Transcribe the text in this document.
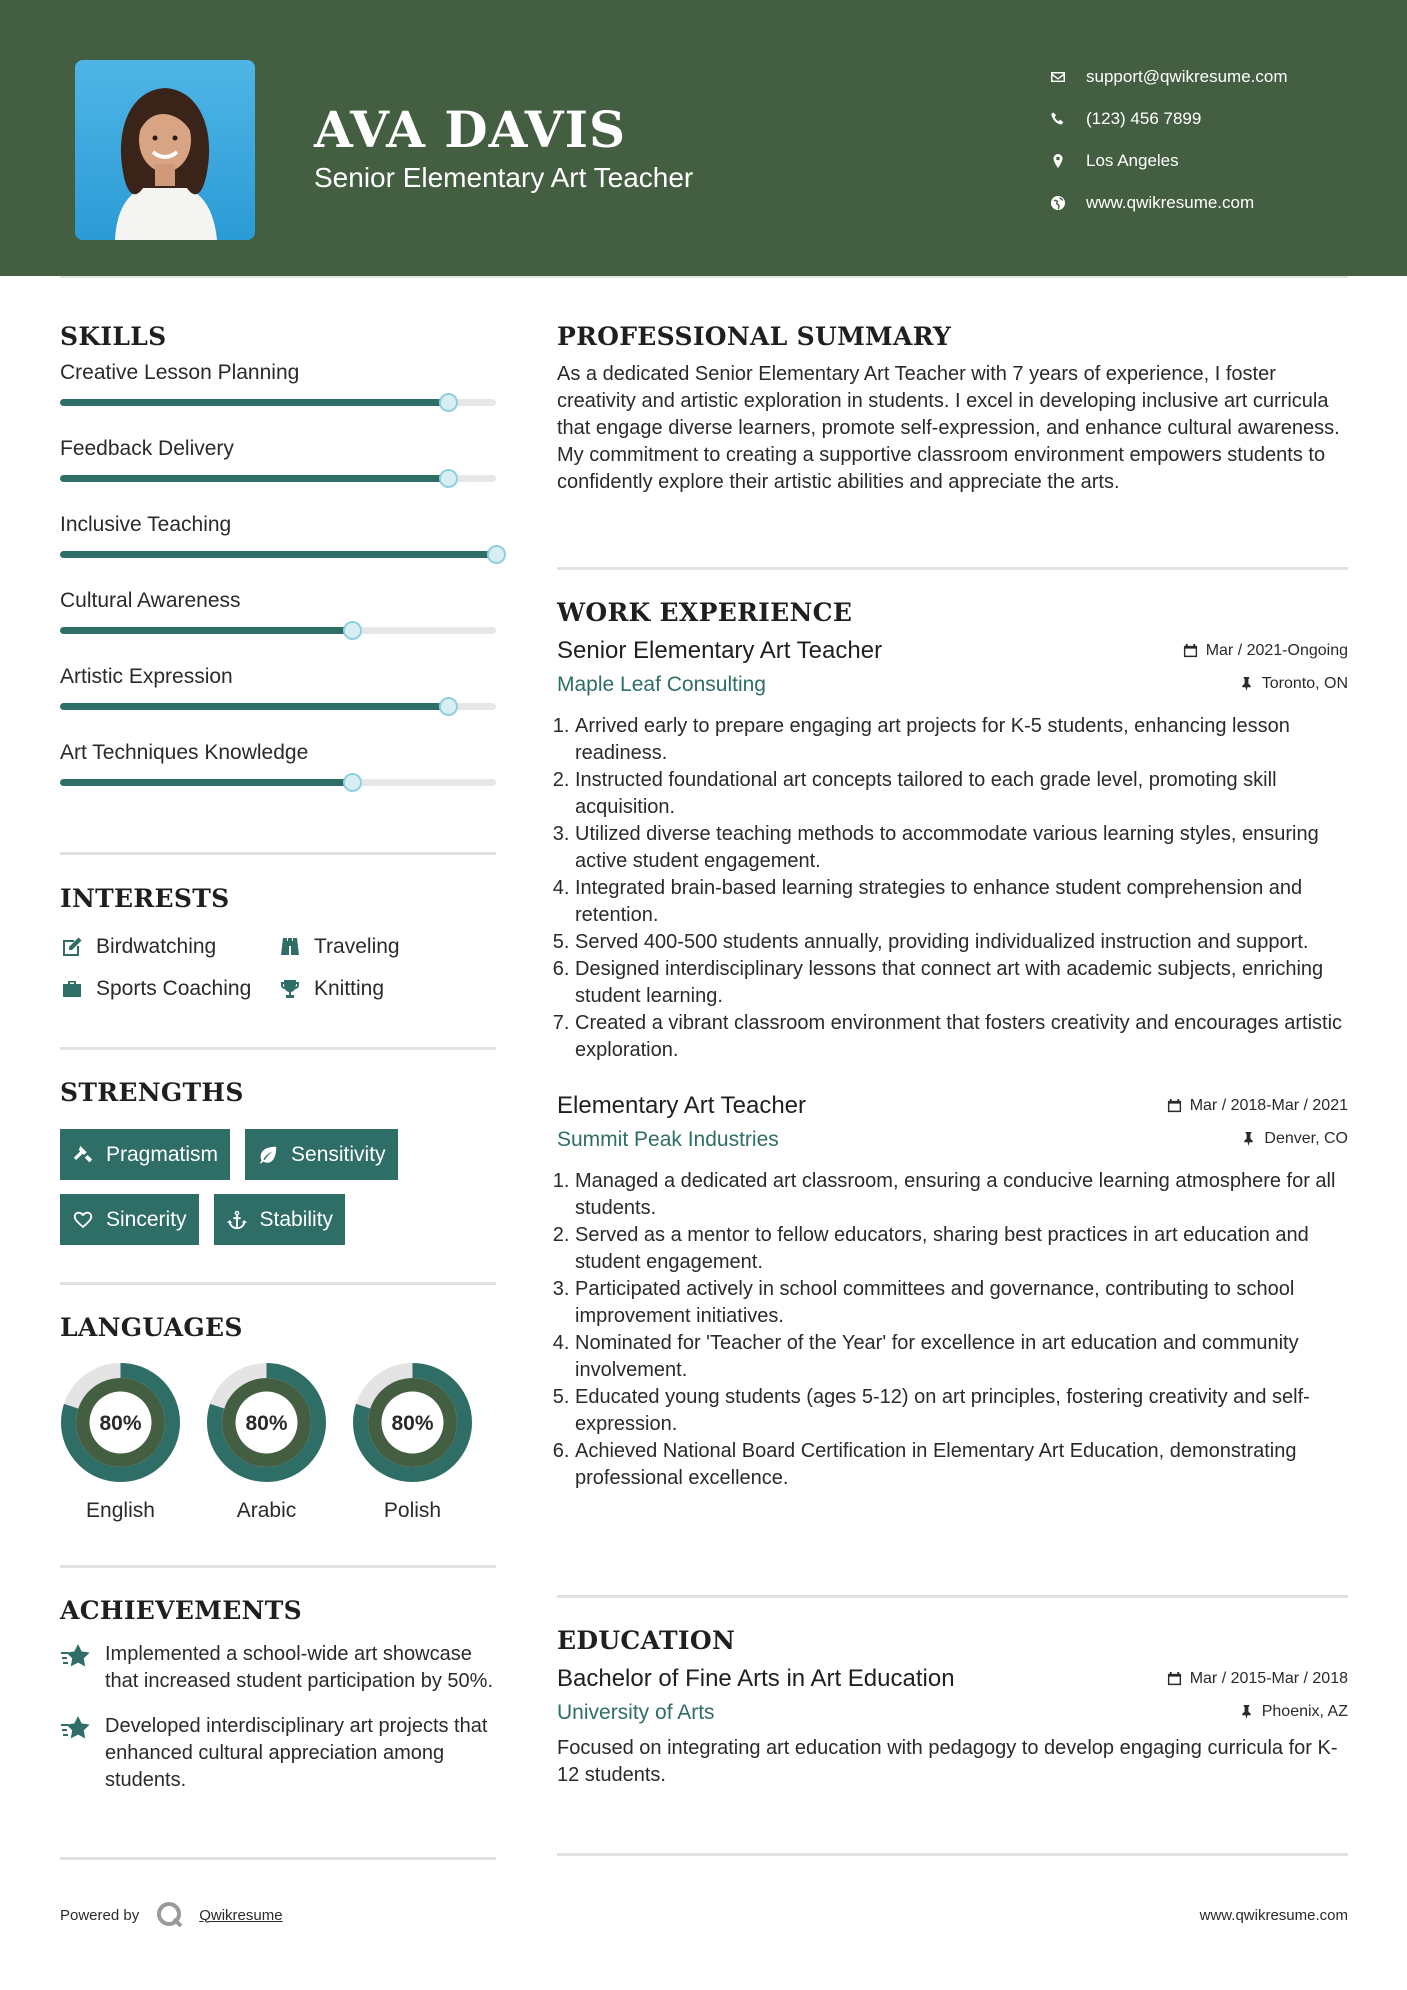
AVA DAVIS
Senior Elementary Art Teacher
support@qwikresume.com
(123) 456 7899
Los Angeles
www.qwikresume.com
SKILLS
Creative Lesson Planning
Feedback Delivery
Inclusive Teaching
Cultural Awareness
Artistic Expression
Art Techniques Knowledge
INTERESTS
Birdwatching	Traveling
Sports Coaching	Knitting
STRENGTHS
Pragmatism	Sensitivity
Sincerity	Stability
LANGUAGES
80%
English
80%
Arabic
80%
Polish
ACHIEVEMENTS
Implemented a school-wide art showcase that increased student participation by 50%.
Developed interdisciplinary art projects that enhanced cultural appreciation among students.
PROFESSIONAL SUMMARY
As a dedicated Senior Elementary Art Teacher with 7 years of experience, I foster creativity and artistic exploration in students. I excel in developing inclusive art curricula that engage diverse learners, promote self-expression, and enhance cultural awareness. My commitment to creating a supportive classroom environment empowers students to confidently explore their artistic abilities and appreciate the arts.
WORK EXPERIENCE
Senior Elementary Art Teacher	Mar / 2021-Ongoing
Maple Leaf Consulting	Toronto, ON
1. Arrived early to prepare engaging art projects for K-5 students, enhancing lesson readiness.
2. Instructed foundational art concepts tailored to each grade level, promoting skill acquisition.
3. Utilized diverse teaching methods to accommodate various learning styles, ensuring active student engagement.
4. Integrated brain-based learning strategies to enhance student comprehension and retention.
5. Served 400-500 students annually, providing individualized instruction and support.
6. Designed interdisciplinary lessons that connect art with academic subjects, enriching student learning.
7. Created a vibrant classroom environment that fosters creativity and encourages artistic exploration.
Elementary Art Teacher	Mar / 2018-Mar / 2021
Summit Peak Industries	Denver, CO
1. Managed a dedicated art classroom, ensuring a conducive learning atmosphere for all students.
2. Served as a mentor to fellow educators, sharing best practices in art education and student engagement.
3. Participated actively in school committees and governance, contributing to school improvement initiatives.
4. Nominated for 'Teacher of the Year' for excellence in art education and community involvement.
5. Educated young students (ages 5-12) on art principles, fostering creativity and self-expression.
6. Achieved National Board Certification in Elementary Art Education, demonstrating professional excellence.
EDUCATION
Bachelor of Fine Arts in Art Education	Mar / 2015-Mar / 2018
University of Arts	Phoenix, AZ
Focused on integrating art education with pedagogy to develop engaging curricula for K-12 students.
Powered by	Qwikresume	www.qwikresume.com
